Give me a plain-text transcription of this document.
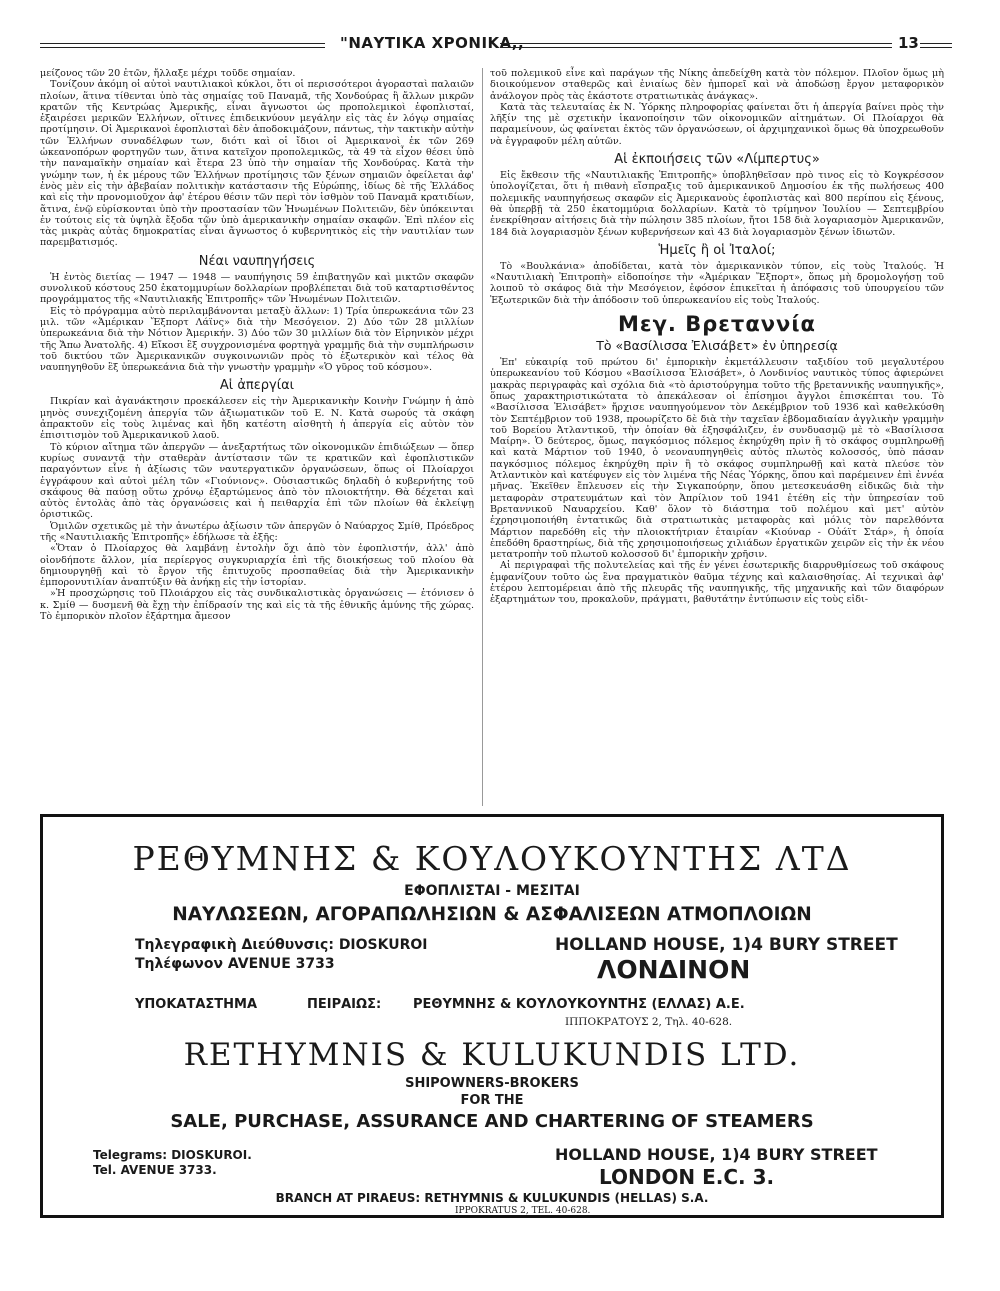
"ΝΑΥΤΙΚΑ ΧΡΟΝΙΚΑ,,	13

μείζονος τῶν 20 ἐτῶν, ἤλλαξε μέχρι τοῦδε σημαίαν.

Τονίζουν ἀκόμη οἱ αὐτοὶ ναυτιλιακοὶ κύκλοι, ὅτι οἱ περισσότεροι ἀγορασταὶ παλαιῶν πλοίων, ἅτινα τίθενται ὑπὸ τὰς σημαίας τοῦ Παναμᾶ, τῆς Χονδούρας ἢ ἄλλων μικρῶν κρατῶν τῆς Κεντρώας Ἀμερικῆς, εἶναι ἄγνωστοι ὡς προπολεμικοὶ ἐφοπλισταί, ἐξαιρέσει μερικῶν Ἑλλήνων, οἵτινες ἐπιδεικνύουν μεγάλην εἰς τὰς ἐν λόγῳ σημαίας προτίμησιν. Οἱ Ἀμερικανοὶ ἐφοπλισταὶ δὲν ἀποδοκιμάζουν, πάντως, τὴν τακτικὴν αὐτὴν τῶν Ἑλλήνων συναδέλφων των, διότι καὶ οἱ ἴδιοι οἱ Ἀμερικανοὶ ἐκ τῶν 269 ὠκεανοπόρων φορτηγῶν των, ἅτινα κατεῖχον προπολεμικῶς, τὰ 49 τὰ εἶχον θέσει ὑπὸ τὴν παναμαϊκὴν σημαίαν καὶ ἕτερα 23 ὑπὸ τὴν σημαίαν τῆς Χονδούρας. Κατὰ τὴν γνώμην των, ἡ ἐκ μέρους τῶν Ἑλλήνων προτίμησις τῶν ξένων σημαιῶν ὀφείλεται ἀφ' ἑνὸς μὲν εἰς τὴν ἀβεβαίαν πολιτικὴν κατάστασιν τῆς Εὐρώπης, ἰδίως δὲ τῆς Ἑλλάδος καὶ εἰς τὴν προνομιοῦχον ἀφ' ἑτέρου θέσιν τῶν περὶ τὸν ἰσθμὸν τοῦ Παναμᾶ κρατιδίων, ἅτινα, ἐνῷ εὑρίσκονται ὑπὸ τὴν προστασίαν τῶν Ἡνωμένων Πολιτειῶν, δὲν ὑπόκεινται ἐν τούτοις εἰς τὰ ὑψηλὰ ἔξοδα τῶν ὑπὸ ἀμερικανικὴν σημαίαν σκαφῶν. Ἐπὶ πλέον εἰς τὰς μικρὰς αὐτὰς δημοκρατίας εἶναι ἄγνωστος ὁ κυβερνητικὸς εἰς τὴν ναυτιλίαν των παρεμβατισμός.

Νέαι ναυπηγήσεις

Ἡ ἐντὸς διετίας — 1947 — 1948 — ναυπήγησις 59 ἐπιβατηγῶν καὶ μικτῶν σκαφῶν συνολικοῦ κόστους 250 ἑκατομμυρίων δολλαρίων προβλέπεται διὰ τοῦ καταρτισθέντος προγράμματος τῆς «Ναυτιλιακῆς Ἐπιτροπῆς» τῶν Ἡνωμένων Πολιτειῶν.

Εἰς τὸ πρόγραμμα αὐτὸ περιλαμβάνονται μεταξὺ ἄλλων: 1) Τρία ὑπερωκεάνια τῶν 23 μιλ. τῶν «Ἀμέρικαν Ἔξπορτ Λάϊνς» διὰ τὴν Μεσόγειον. 2) Δύο τῶν 28 μιλλίων ὑπερωκεάνια διὰ τὴν Νότιον Ἀμερικήν. 3) Δύο τῶν 30 μιλλίων διὰ τὸν Εἰρηνικὸν μέχρι τῆς Ἄπω Ἀνατολῆς. 4) Εἴκοσι ἓξ συγχρονισμένα φορτηγὰ γραμμῆς διὰ τὴν συμπλήρωσιν τοῦ δικτύου τῶν Ἀμερικανικῶν συγκοινωνιῶν πρὸς τὸ ἐξωτερικὸν καὶ τέλος θὰ ναυπηγηθοῦν ἓξ ὑπερωκεάνια διὰ τὴν γνωστὴν γραμμὴν «Ὁ γῦρος τοῦ κόσμου».

Αἱ ἀπεργίαι

Πικρίαν καὶ ἀγανάκτησιν προεκάλεσεν εἰς τὴν Ἀμερικανικὴν Κοινὴν Γνώμην ἡ ἀπὸ μηνὸς συνεχιζομένη ἀπεργία τῶν ἀξιωματικῶν τοῦ Ε. Ν. Κατὰ σωρούς τὰ σκάφη ἀπρακτοῦν εἰς τοὺς λιμένας καὶ ἤδη κατέστη αἰσθητὴ ἡ ἀπεργία εἰς αὐτὸν τὸν ἐπισιτισμὸν τοῦ Ἀμερικανικοῦ λαοῦ.

Τὸ κύριον αἴτημα τῶν ἀπεργῶν — ἀνεξαρτήτως τῶν οἰκονομικῶν ἐπιδιώξεων — ὅπερ κυρίως συναντᾷ τὴν σταθερὰν ἀντίστασιν τῶν τε κρατικῶν καὶ ἐφοπλιστικῶν παραγόντων εἶνε ἡ ἀξίωσις τῶν ναυτεργατικῶν ὀργανώσεων, ὅπως οἱ Πλοίαρχοι ἐγγράφουν καὶ αὐτοὶ μέλη τῶν «Γιούνιονς». Οὑσιαστικῶς δηλαδὴ ὁ κυβερνήτης τοῦ σκάφους θὰ παύσῃ οὕτω χρόνῳ ἐξαρτώμενος ἀπὸ τὸν πλοιοκτήτην. Θὰ δέχεται καὶ αὐτὸς ἐντολὰς ἀπὸ τὰς ὀργανώσεις καὶ ἡ πειθαρχία ἐπὶ τῶν πλοίων θὰ ἐκλείψῃ ὁριστικῶς.

Ὁμιλῶν σχετικῶς μὲ τὴν ἀνωτέρω ἀξίωσιν τῶν ἀπεργῶν ὁ Ναύαρχος Σμίθ, Πρόεδρος τῆς «Ναυτιλιακῆς Ἐπιτροπῆς» ἐδήλωσε τὰ ἑξῆς:

«Ὅταν ὁ Πλοίαρχος θὰ λαμβάνῃ ἐντολὴν ὄχι ἀπὸ τὸν ἐφοπλιστήν, ἀλλ' ἀπὸ οἱονδήποτε ἄλλον, μία περίεργος συγκυριαρχία ἐπὶ τῆς διοικήσεως τοῦ πλοίου θὰ δημιουργηθῇ καὶ τὸ ἔργον τῆς ἐπιτυχοῦς προσπαθείας διὰ τὴν Ἀμερικανικὴν ἐμπορονυτιλίαν ἀναπτύξιν θὰ ἀνήκῃ εἰς τὴν ἱστορίαν.

»Ἡ προσχώρησις τοῦ Πλοιάρχου εἰς τὰς συνδικαλιστικὰς ὀργανώσεις — ἐτόνισεν ὁ κ. Σμίθ — δυσμενῆ θὰ ἔχῃ τὴν ἐπίδρασίν της καὶ εἰς τὰ τῆς ἐθνικῆς ἀμύνης τῆς χώρας. Τὸ ἐμπορικὸν πλοῖον ἐξάρτημα ἄμεσον

τοῦ πολεμικοῦ εἶνε καὶ παράγων τῆς Νίκης ἀπεδείχθη κατὰ τὸν πόλεμον. Πλοῖον ὅμως μὴ διοικούμενον σταθερῶς καὶ ἑνιαίως δὲν ἠμπορεῖ καὶ νὰ ἀποδώσῃ ἔργον μεταφορικὸν ἀνάλογον πρὸς τὰς ἑκάστοτε στρατιωτικὰς ἀνάγκας».

Κατὰ τὰς τελευταίας ἐκ Ν. Ὑόρκης πληροφορίας φαίνεται ὅτι ἡ ἀπεργία βαίνει πρὸς τὴν λῆξίν της μὲ σχετικὴν ἱκανοποίησιν τῶν οἰκονομικῶν αἰτημάτων. Οἱ Πλοίαρχοι θὰ παραμείνουν, ὡς φαίνεται ἐκτὸς τῶν ὀργανώσεων, οἱ ἀρχιμηχανικοὶ ὅμως θὰ ὑποχρεωθοῦν νὰ ἐγγραφοῦν μέλη αὐτῶν.

Αἱ ἐκποιήσεις τῶν «Λίμπερτυς»

Εἰς ἔκθεσιν τῆς «Ναυτιλιακῆς Ἐπιτροπῆς» ὑποβληθεῖσαν πρὸ τινος εἰς τὸ Κογκρέσσον ὑπολογίζεται, ὅτι ἡ πιθανὴ εἴσπραξις τοῦ ἀμερικανικοῦ Δημοσίου ἐκ τῆς πωλήσεως 400 πολεμικῆς ναυπηγήσεως σκαφῶν εἰς Ἀμερικανοὺς ἐφοπλιστὰς καὶ 800 περίπου εἰς ξένους, θὰ ὑπερβῇ τὰ 250 ἑκατομμύρια δολλαρίων. Κατὰ τὸ τρίμηνον Ἰουλίου — Σεπτεμβρίου ἐνεκρίθησαν αἰτήσεις διὰ τὴν πώλησιν 385 πλοίων, ἤτοι 158 διὰ λογαριασμὸν Ἀμερικανῶν, 184 διὰ λογαριασμὸν ξένων κυβερνήσεων καὶ 43 διὰ λογαριασμὸν ξένων ἰδιωτῶν.

Ἡμεῖς ἢ οἱ Ἰταλοί;

Τὸ «Βουλκάνια» ἀποδίδεται, κατὰ τὸν ἀμερικανικὸν τύπον, εἰς τοὺς Ἰταλούς. Ἡ «Ναυτιλιακὴ Ἐπιτροπὴ» εἰδοποίησε τὴν «Ἀμέρικαν Ἔξπορτ», ὅπως μὴ δρομολογήσῃ τοῦ λοιποῦ τὸ σκάφος διὰ τὴν Μεσόγειον, ἐφόσον ἐπικεῖται ἡ ἀπόφασις τοῦ ὑπουργείου τῶν Ἐξωτερικῶν διὰ τὴν ἀπόδοσιν τοῦ ὑπερωκεανίου εἰς τοὺς Ἰταλούς.

Μεγ. Βρεταννία
Τὸ «Βασίλισσα Ἐλισάβετ» ἐν ὑπηρεσίᾳ

Ἐπ' εὐκαιρίᾳ τοῦ πρώτου δι' ἐμπορικὴν ἐκμετάλλευσιν ταξιδίου τοῦ μεγαλυτέρου ὑπερωκεανίου τοῦ Κόσμου «Βασίλισσα Ἐλισάβετ», ὁ Λονδινίος ναυτικὸς τύπος ἀφιερώνει μακρὰς περιγραφὰς καὶ σχόλια διὰ «τὸ ἀριστούργημα τοῦτο τῆς βρεταννικῆς ναυπηγικῆς», ὅπως χαρακτηριστικώτατα τὸ ἀπεκάλεσαν οἱ ἐπίσημοι ἄγγλοι ἐπισκέπται του. Τὸ «Βασίλισσα Ἐλισάβετ» ἤρχισε ναυπηγούμενον τὸν Δεκέμβριον τοῦ 1936 καὶ καθελκύσθη τὸν Σεπτέμβριον τοῦ 1938, προωρίζετο δὲ διὰ τὴν ταχεῖαν ἑβδομαδιαίαν ἀγγλικὴν γραμμὴν τοῦ Βορείου Ἀτλαντικοῦ, τὴν ὁποίαν θὰ ἐξησφάλιζεν, ἐν συνδυασμῷ μὲ τὸ «Βασίλισσα Μαίρη». Ὁ δεύτερος, ὅμως, παγκόσμιος πόλεμος ἐκηρύχθη πρὶν ἢ τὸ σκάφος συμπληρωθῇ καὶ κατὰ Μάρτιον τοῦ 1940, ὁ νεοναυπηγηθεὶς αὐτὸς πλωτὸς κολοσσός, ὑπὸ πάσαν παγκόσμιος πόλεμος ἐκηρύχθη πρὶν ἢ τὸ σκάφος συμπληρωθῇ καὶ κατὰ πλεύσε τὸν Ἀτλαντικὸν καὶ κατέφυγεν εἰς τὸν λιμένα τῆς Νέας Ὑόρκης, ὅπου καὶ παρέμεινεν ἐπὶ ἐννέα μῆνας. Ἐκεῖθεν ἔπλευσεν εἰς τὴν Σιγκαπούρην, ὅπου μετεσκευάσθη εἰδικῶς διὰ τὴν μεταφορὰν στρατευμάτων καὶ τὸν Ἀπρίλιον τοῦ 1941 ἐτέθη εἰς τὴν ὑπηρεσίαν τοῦ Βρεταννικοῦ Ναυαρχείου. Καθ' ὅλον τὸ διάστημα τοῦ πολέμου καὶ μετ' αὐτὸν ἐχρησιμοποιήθη ἐντατικῶς διὰ στρατιωτικὰς μεταφορὰς καὶ μόλις τὸν παρελθόντα Μάρτιον παρεδόθη εἰς τὴν πλοιοκτήτριαν ἑταιρίαν «Κιούναρ - Οὐάϊτ Στάρ», ἡ ὁποία ἐπεδόθη δραστηρίως, διὰ τῆς χρησιμοποιήσεως χιλιάδων ἐργατικῶν χειρῶν εἰς τὴν ἐκ νέου μετατροπὴν τοῦ πλωτοῦ κολοσσοῦ δι' ἐμπορικὴν χρῆσιν.

Αἱ περιγραφαὶ τῆς πολυτελείας καὶ τῆς ἐν γένει ἐσωτερικῆς διαρρυθμίσεως τοῦ σκάφους ἐμφανίζουν τοῦτο ὡς ἓνα πραγματικὸν θαῦμα τέχνης καὶ καλαισθησίας. Αἱ τεχνικαὶ ἀφ' ἑτέρου λεπτομέρειαι ἀπὸ τῆς πλευρᾶς τῆς ναυπηγικῆς, τῆς μηχανικῆς καὶ τῶν διαφόρων ἐξαρτημάτων του, προκαλοῦν, πράγματι, βαθυτάτην ἐντύπωσιν εἰς τοὺς εἰδι-

ΡΕΘΥΜΝΗΣ & ΚΟΥΛΟΥΚΟΥΝΤΗΣ ΛΤΔ
ΕΦΟΠΛΙΣΤΑΙ - ΜΕΣΙΤΑΙ
ΝΑΥΛΩΣΕΩΝ, ΑΓΟΡΑΠΩΛΗΣΙΩΝ & ΑΣΦΑΛΙΣΕΩΝ ΑΤΜΟΠΛΟΙΩΝ
Τηλεγραφικὴ Διεύθυνσις: DIOSKUROI
Τηλέφωνον AVENUE 3733
HOLLAND HOUSE, 1)4 BURY STREET
ΛΟΝΔΙΝΟΝ
ΥΠΟΚΑΤΑΣΤΗΜΑ	ΠΕΙΡΑΙΩΣ: ΡΕΘΥΜΝΗΣ & ΚΟΥΛΟΥΚΟΥΝΤΗΣ (ΕΛΛΑΣ) Α.Ε.
ΙΠΠΟΚΡΑΤΟΥΣ 2, Τηλ. 40-628.
RETHYMNIS & KULUKUNDIS LTD.
SHIPOWNERS-BROKERS
FOR THE
SALE, PURCHASE, ASSURANCE AND CHARTERING OF STEAMERS
Telegrams: DIOSKUROI.
Tel. AVENUE 3733.
HOLLAND HOUSE, 1)4 BURY STREET
LONDON E.C. 3.
BRANCH AT PIRAEUS: RETHYMNIS & KULUKUNDIS (HELLAS) S.A.
IPPOKRATUS 2, TEL. 40-628.
